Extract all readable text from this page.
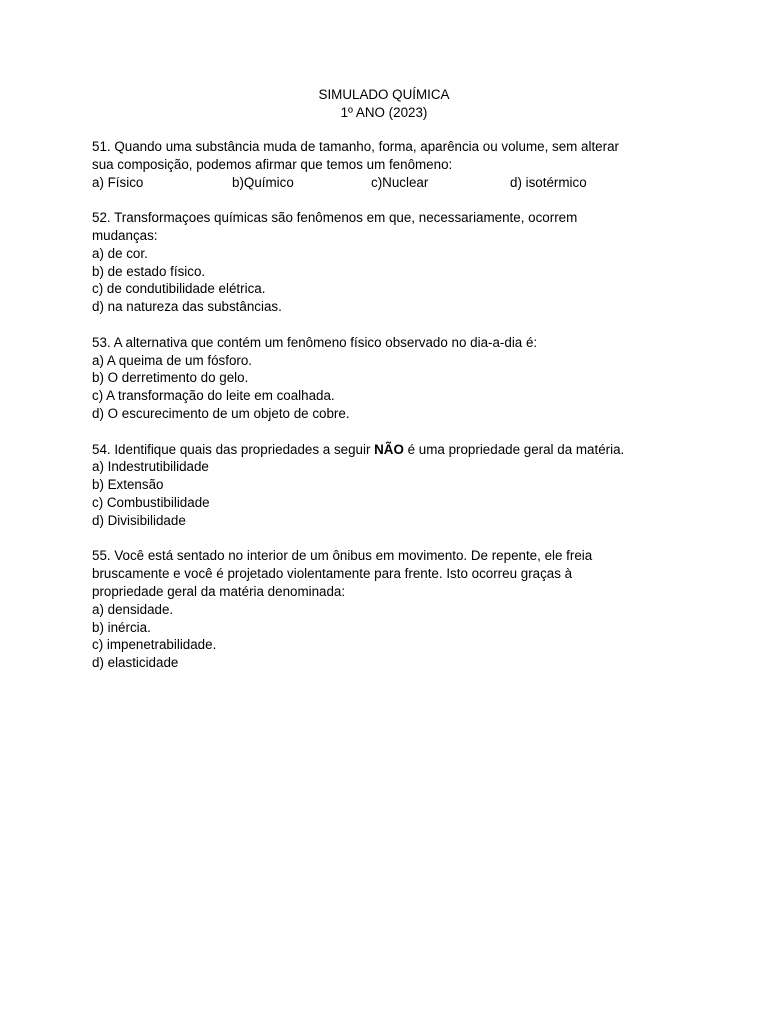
SIMULADO QUÍMICA
1º ANO (2023)
51. Quando uma substância muda de tamanho, forma, aparência ou volume, sem alterar
sua composição, podemos afirmar que temos um fenômeno:
a) Físico	b)Químico	c)Nuclear	d) isotérmico
52. Transformaçoes químicas são fenômenos em que, necessariamente, ocorrem
mudanças:
a) de cor.
b) de estado físico.
c) de condutibilidade elétrica.
d) na natureza das substâncias.
53. A alternativa que contém um fenômeno físico observado no dia-a-dia é:
a) A queima de um fósforo.
b) O derretimento do gelo.
c) A transformação do leite em coalhada.
d) O escurecimento de um objeto de cobre.
54. Identifique quais das propriedades a seguir NÃO é uma propriedade geral da matéria.
a) Indestrutibilidade
b) Extensão
c) Combustibilidade
d) Divisibilidade
55. Você está sentado no interior de um ônibus em movimento. De repente, ele freia
bruscamente e você é projetado violentamente para frente. Isto ocorreu graças à
propriedade geral da matéria denominada:
a) densidade.
b) inércia.
c) impenetrabilidade.
d) elasticidade
